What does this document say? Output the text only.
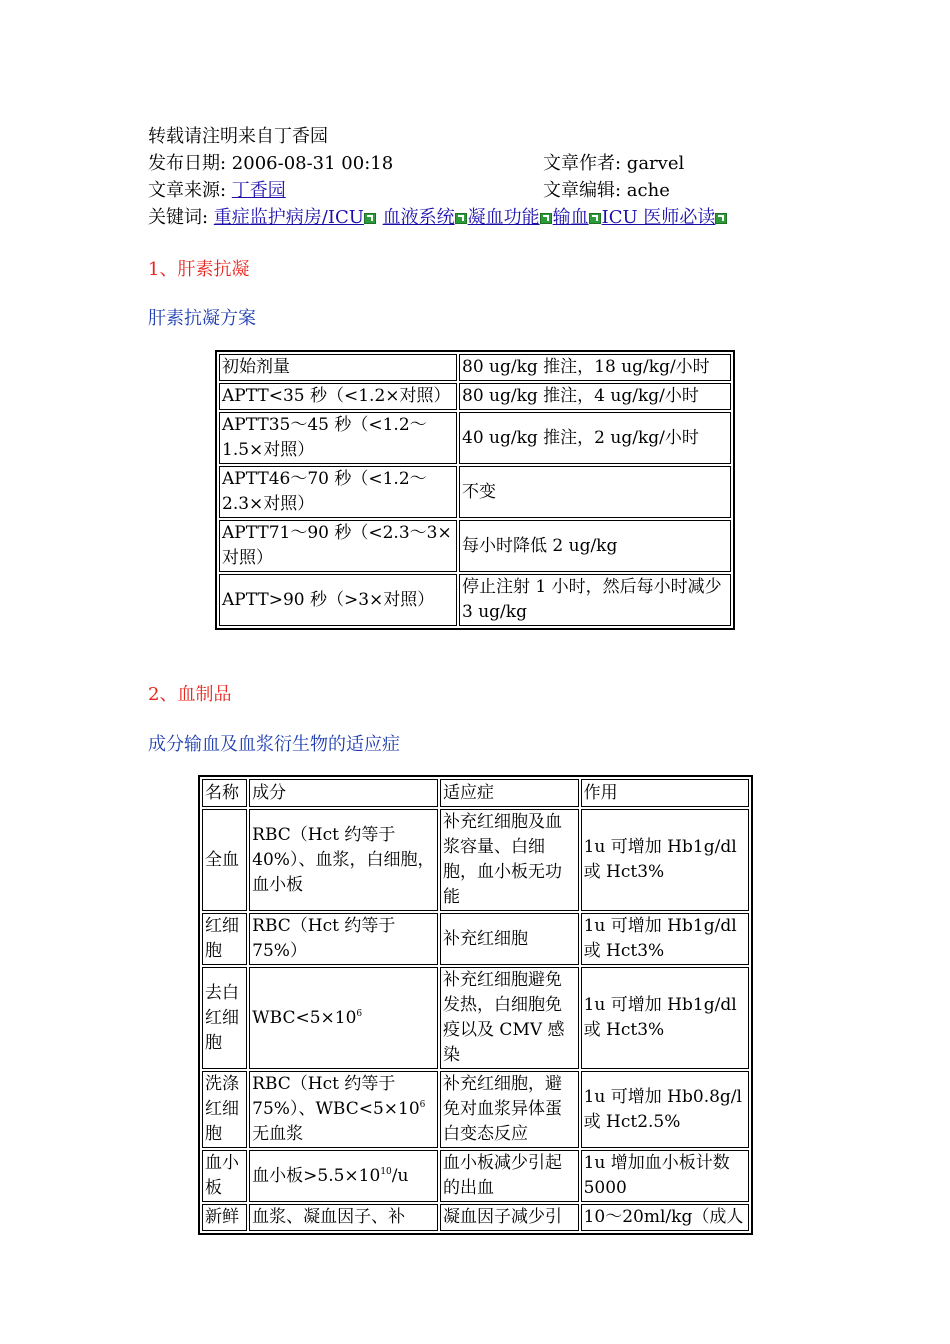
转载请注明来自丁香园
发布日期: 2006-08-31 00:18	文章作者: garvel
文章来源: 丁香园	文章编辑: ache
关键词: 重症监护病房/ICU 血液系统 凝血功能 输血 ICU 医师必读
1、肝素抗凝
肝素抗凝方案
初始剂量	80 ug/kg 推注，18 ug/kg/小时
APTT<35 秒（<1.2×对照）	80 ug/kg 推注，4 ug/kg/小时
APTT35～45 秒（<1.2～1.5×对照）	40 ug/kg 推注，2 ug/kg/小时
APTT46～70 秒（<1.2～2.3×对照）	不变
APTT71～90 秒（<2.3～3×对照）	每小时降低 2 ug/kg
APTT>90 秒（>3×对照）	停止注射 1 小时，然后每小时减少 3 ug/kg
2、血制品
成分输血及血浆衍生物的适应症
名称	成分	适应症	作用
全血	RBC（Hct 约等于 40%）、血浆，白细胞，血小板	补充红细胞及血浆容量、白细胞，血小板无功能	1u 可增加 Hb1g/dl 或 Hct3%
红细胞	RBC（Hct 约等于 75%）	补充红细胞	1u 可增加 Hb1g/dl 或 Hct3%
去白红细胞	$WBC<5\times 10^6$	补充红细胞避免发热，白细胞免疫以及 CMV 感染	1u 可增加 Hb1g/dl 或 Hct3%
洗涤红细胞	RBC（Hct 约等于 75%）、$WBC<5\times 10^6$无血浆	补充红细胞，避免对血浆异体蛋白变态反应	1u 可增加 Hb0.8g/l 或 Hct2.5%
血小板	血小板$>5.5\times 10^{10}/u$	血小板减少引起的出血	1u 增加血小板计数 5000
新鲜	血浆、凝血因子、补	凝血因子减少引	10～20ml/kg（成人
